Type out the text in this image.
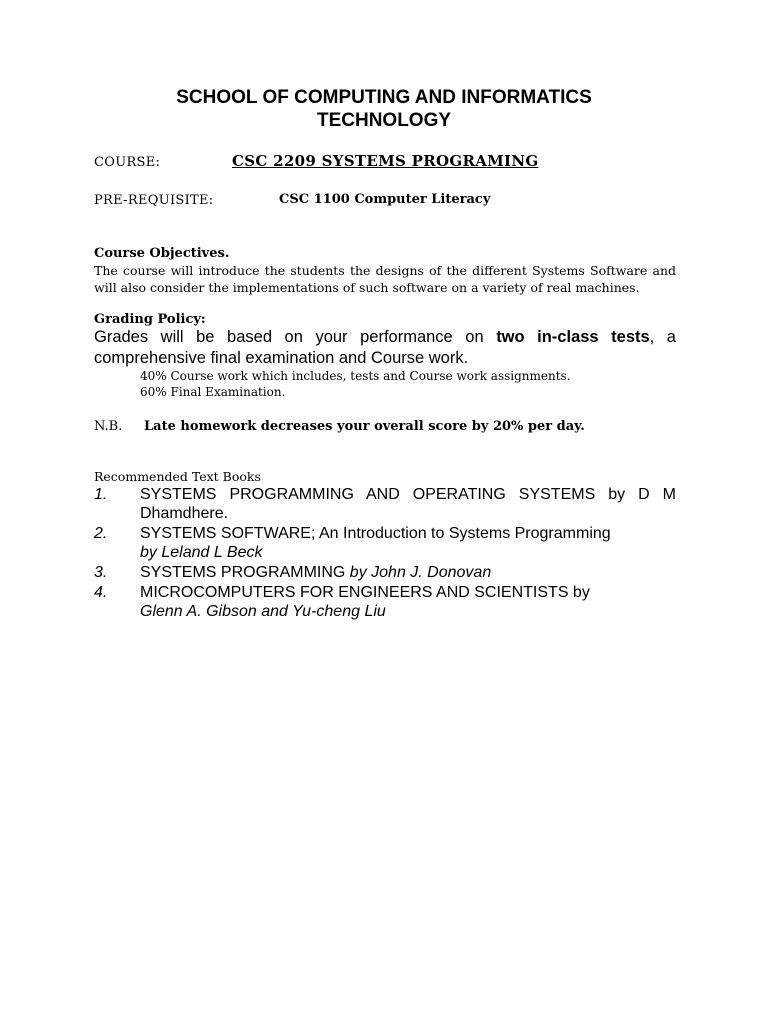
SCHOOL OF COMPUTING AND INFORMATICS
TECHNOLOGY
COURSE:	CSC 2209 SYSTEMS PROGRAMING
PRE-REQUISITE:	CSC 1100 Computer Literacy
Course Objectives.
The course will introduce the students the designs of the different Systems Software and will also consider the implementations of such software on a variety of real machines.
Grading Policy:
Grades will be based on your performance on two in-class tests, a comprehensive final examination and Course work.
40% Course work which includes, tests and Course work assignments.
60% Final Examination.
N.B. Late homework decreases your overall score by 20% per day.
Recommended Text Books
1. SYSTEMS PROGRAMMING AND OPERATING SYSTEMS by D M Dhamdhere.
2. SYSTEMS SOFTWARE; An Introduction to Systems Programming
by Leland L Beck
3. SYSTEMS PROGRAMMING by John J. Donovan
4. MICROCOMPUTERS FOR ENGINEERS AND SCIENTISTS by
Glenn A. Gibson and Yu-cheng Liu
